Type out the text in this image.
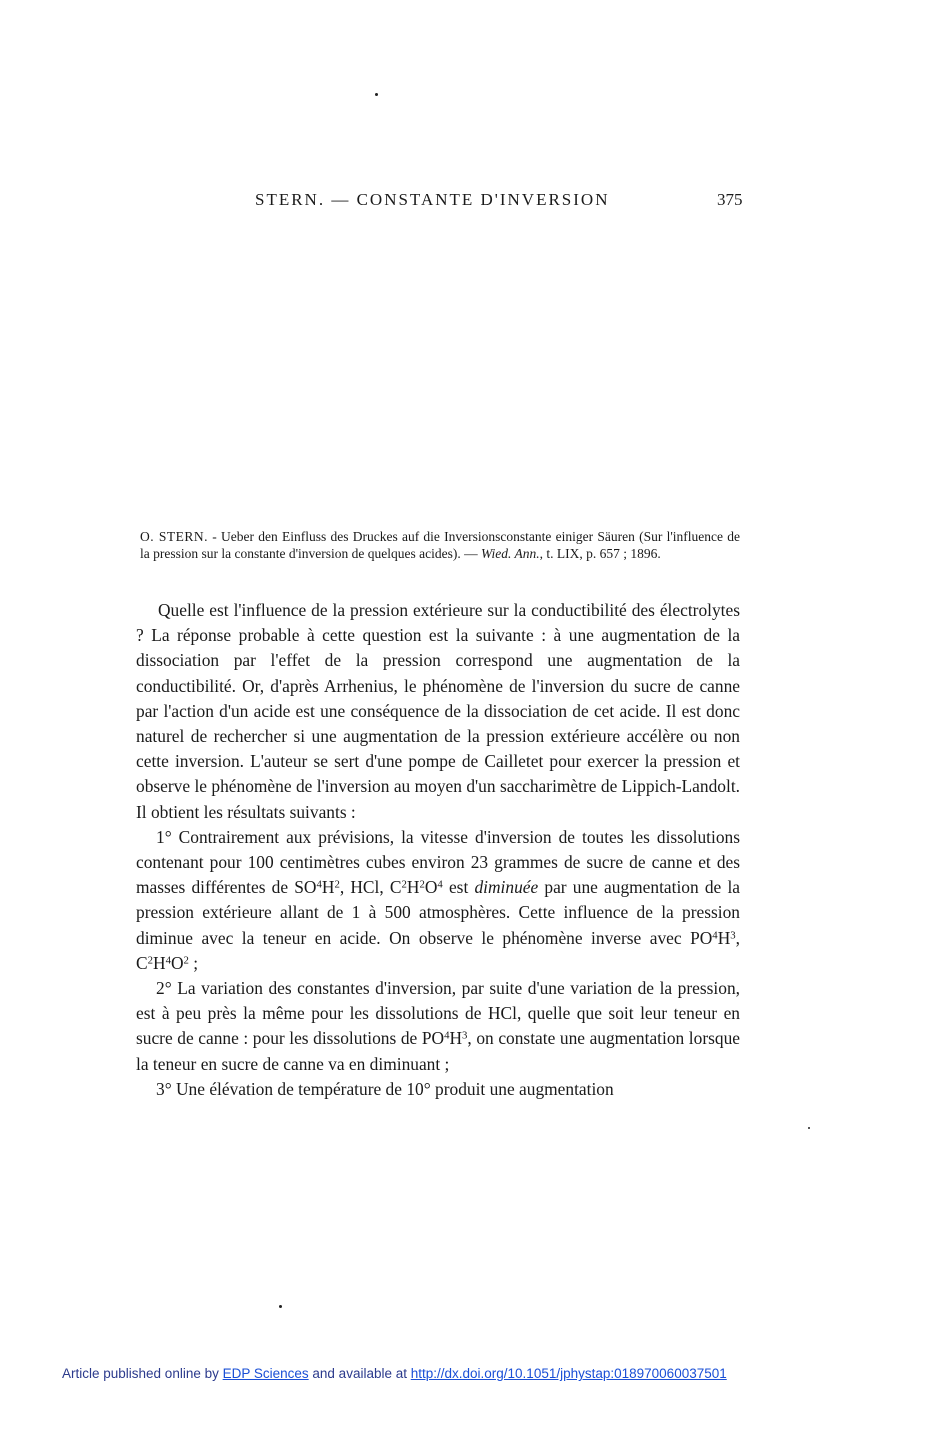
STERN. — CONSTANTE D'INVERSION	375
O. STERN. - Ueber den Einfluss des Druckes auf die Inversionsconstante einiger Säuren (Sur l'influence de la pression sur la constante d'inversion de quelques acides). — Wied. Ann., t. LIX, p. 657 ; 1896.

Quelle est l'influence de la pression extérieure sur la conductibilité des électrolytes ? La réponse probable à cette question est la suivante : à une augmentation de la dissociation par l'effet de la pression correspond une augmentation de la conductibilité. Or, d'après Arrhenius, le phénomène de l'inversion du sucre de canne par l'action d'un acide est une conséquence de la dissociation de cet acide. Il est donc naturel de rechercher si une augmentation de la pression extérieure accélère ou non cette inversion. L'auteur se sert d'une pompe de Cailletet pour exercer la pression et observe le phénomène de l'inversion au moyen d'un saccharimètre de Lippich-Landolt. Il obtient les résultats suivants :

1° Contrairement aux prévisions, la vitesse d'inversion de toutes les dissolutions contenant pour 100 centimètres cubes environ 23 grammes de sucre de canne et des masses différentes de $SO^4H^2$, HCl, $C^2H^2O^4$ est diminuée par une augmentation de la pression extérieure allant de 1 à 500 atmosphères. Cette influence de la pression diminue avec la teneur en acide. On observe le phénomène inverse avec $PO^4H^3$, $C^2H^4O^2$ ;

2° La variation des constantes d'inversion, par suite d'une variation de la pression, est à peu près la même pour les dissolutions de HCl, quelle que soit leur teneur en sucre de canne : pour les dissolutions de $PO^4H^3$, on constate une augmentation lorsque la teneur en sucre de canne va en diminuant ;

3° Une élévation de température de 10° produit une augmentation

Article published online by EDP Sciences and available at http://dx.doi.org/10.1051/jphystap:018970060037501
